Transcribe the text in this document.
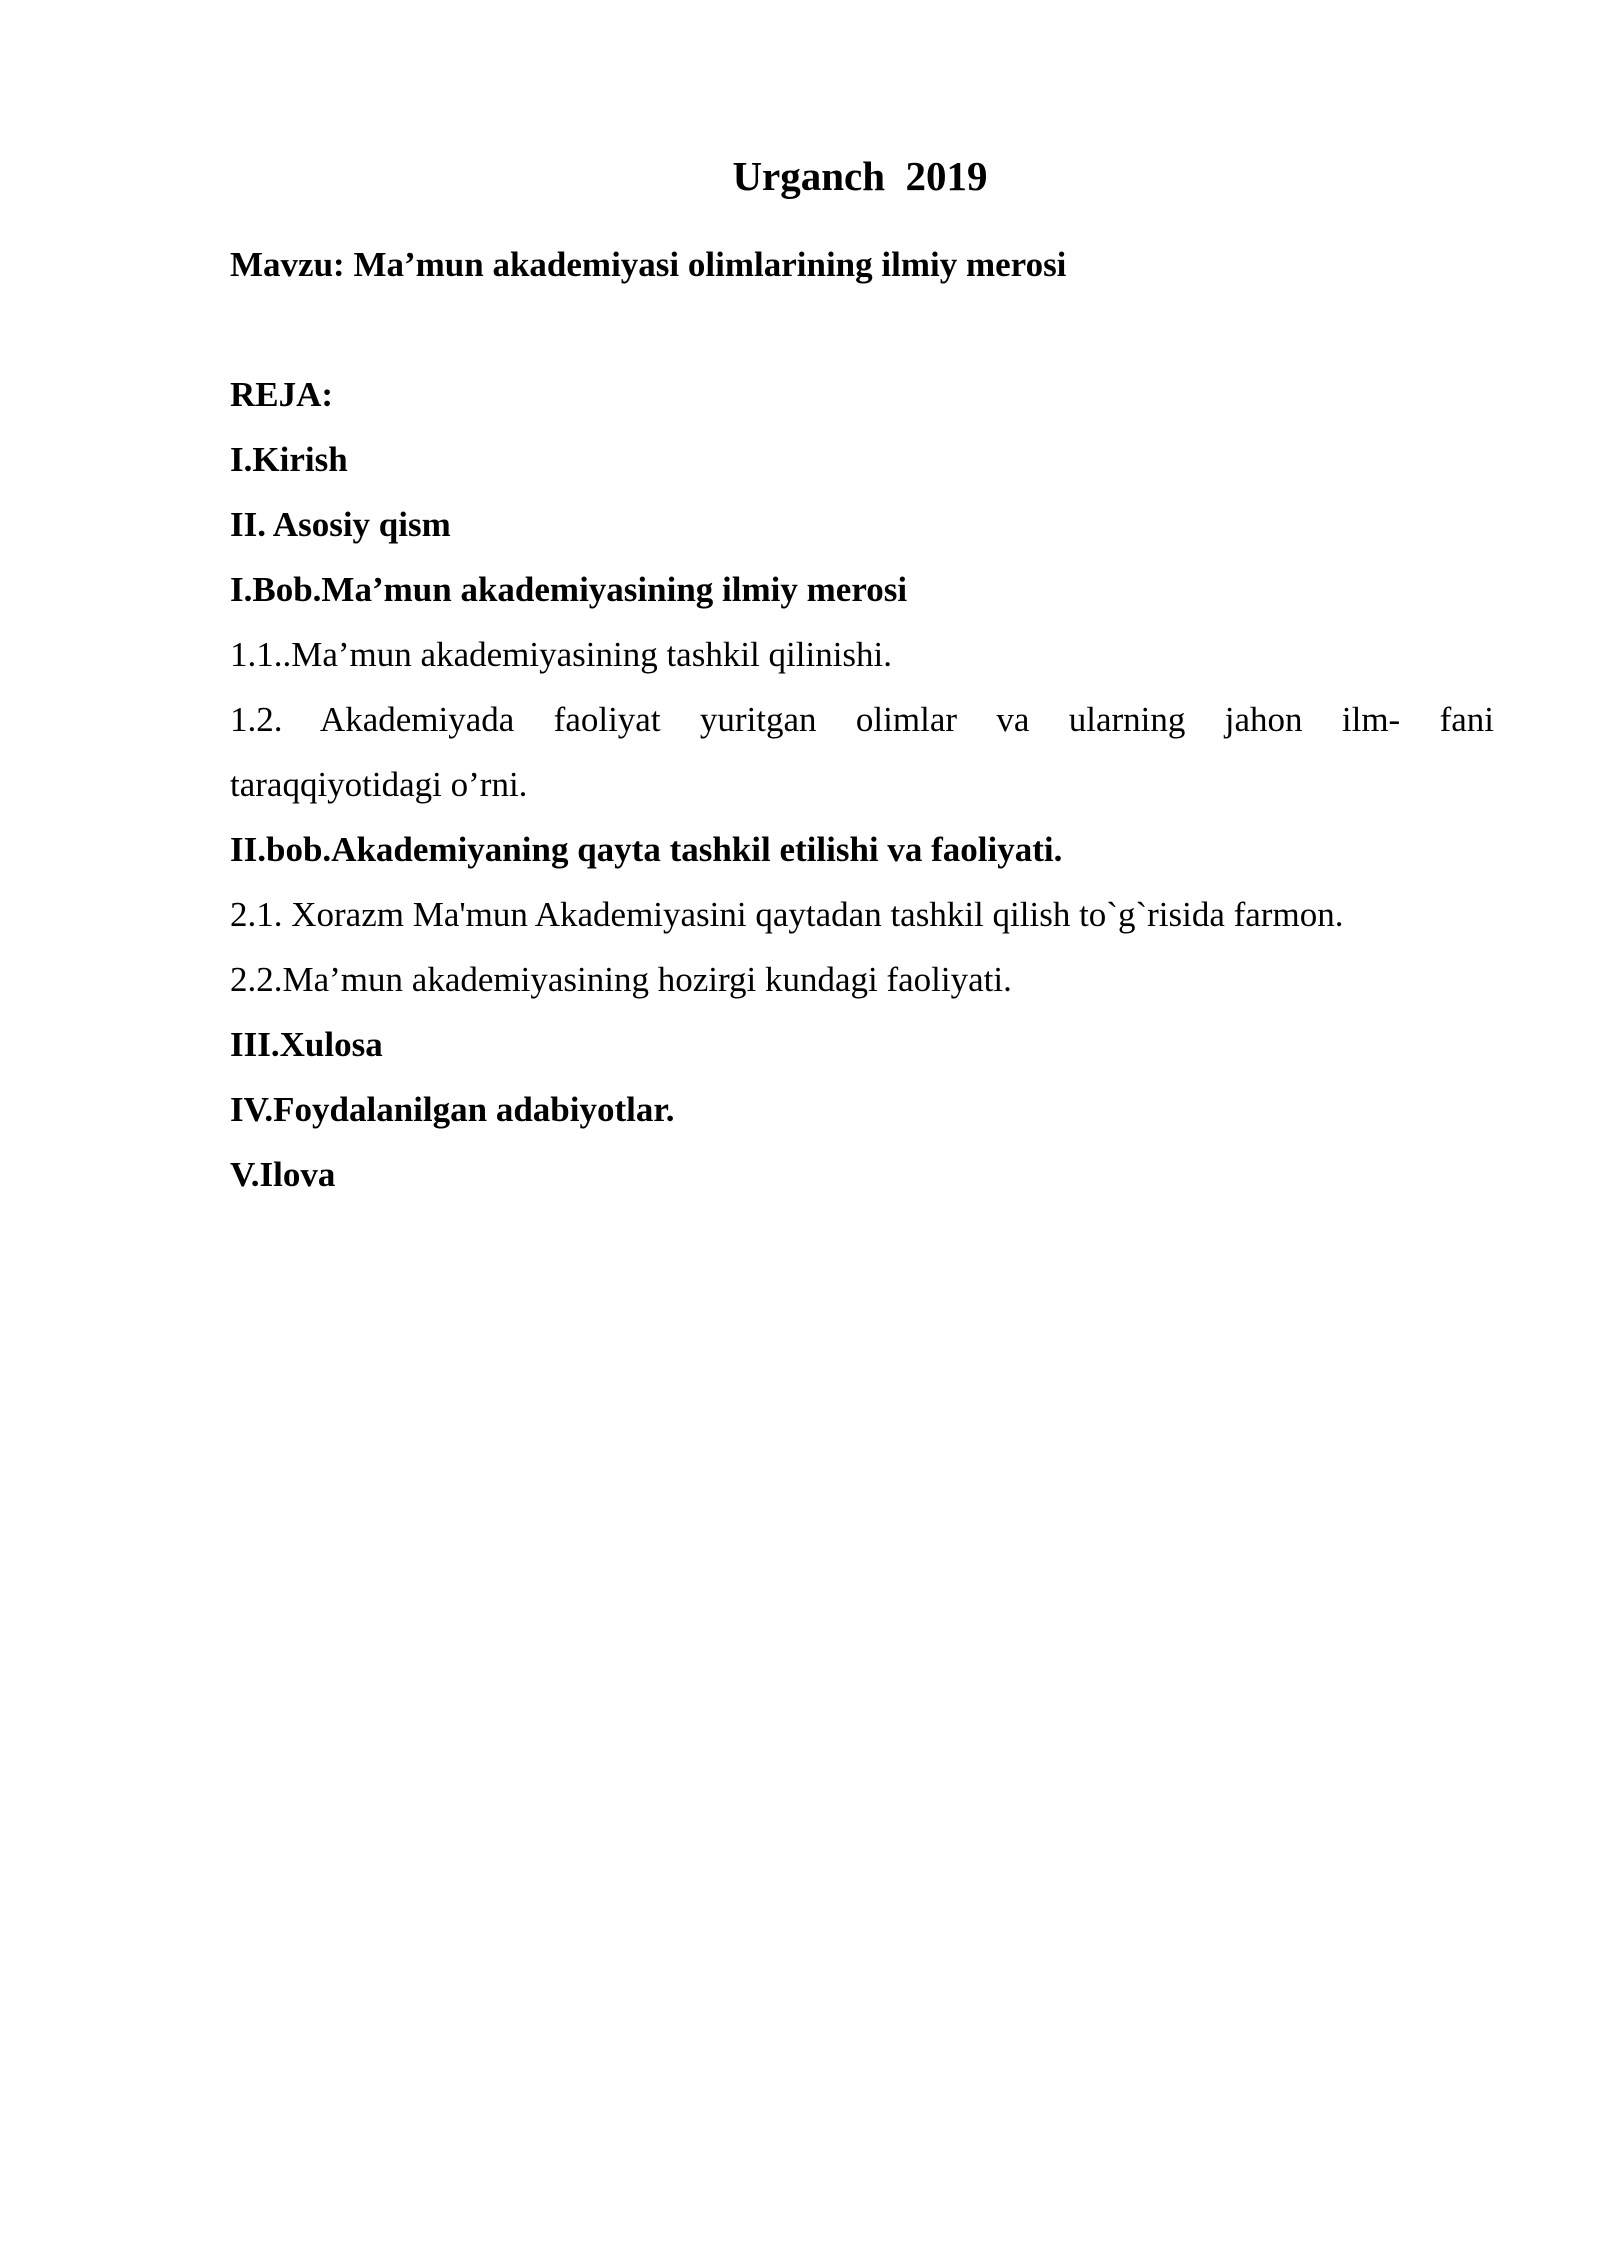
Urganch  2019

Mavzu: Ma’mun akademiyasi olimlarining ilmiy merosi

REJA:

I.Kirish

II. Asosiy qism

I.Bob.Ma’mun akademiyasining ilmiy merosi

1.1..Ma’mun akademiyasining tashkil qilinishi.

1.2. Akademiyada faoliyat yuritgan olimlar va ularning jahon ilm- fani

taraqqiyotidagi o’rni.

II.bob.Akademiyaning qayta tashkil etilishi va faoliyati.

2.1. Xorazm Ma'mun Akademiyasini qaytadan tashkil qilish to`g`risida farmon.

2.2.Ma’mun akademiyasining hozirgi kundagi faoliyati.

III.Xulosa

IV.Foydalanilgan adabiyotlar.

V.Ilova
